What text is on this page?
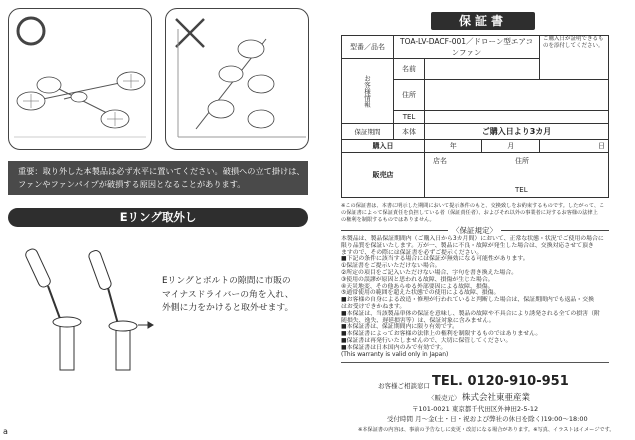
重要：取り外した本製品は必ず水平に置いてください。破損への立て掛けは、
ファンやファンパイプが破損する原因となることがあります。
Eリング取外し
Eリングとボルトの隙間に市販の
マイナスドライバーの角を入れ、
外側に力をかけると取外せます。
a
保証書
型番／品名	TOA-LV-DACF-001／ドローン型エアコンファン			ご購入日が証明できるものを添付してください。
お客様情報	名前			
	住所			
	TEL			
保証期間	本体	ご購入日より3カ月		
購入日		年	月	日
販売店		店名 住所
TEL		
※この保証書は、本書に明示した期間において提示条件のもと、交換致しをお約束するものです。したがって、こ
の保証書によって保証責任を負担している者（保証責任者）、およびそれ以外の事業者に対するお客様の法律上
の権利を制限するものではありません。
〈保証規定〉
本製品は、製品保証期間内（ご購入日から3カ月間）において、正常な状態・状況でご使用の場合に
限り品質を保証いたします。万が一、製品に不良・故障が発生した場合は、交換対応させて頂き
ますので、その際には保証書を必ずご提示ください。
■下記の条件に該当する場合には保証が無効になる可能性があります。
①保証書をご提示いただけない場合。
②所定の項目をご記入いただけない場合、字句を書き換えた場合。
③使用の誤謬が原因と思われる故障、損傷が生じた場合。
④天災地変、その他あらゆる外部要因による故障、損傷。
⑤通常使用の範囲を超えた状態での使用による故障、損傷。
■お客様の自身による改造・修理が行われていると判断した場合は、保証期間内でも返品・交換
はお受けできかねます。
■本保証は、当該製品単体の保証を意味し、製品の故障や不具合により誘発される全ての損害（附
随損失、逸失、遅延損害等）は、保証対象に含みません。
■本保証書は、保証期間内に限り有効です。
■本保証書によってお客様の法律上の権利を制限するものではありません。
■保証書は再発行いたしませんので、大切に保管してください。
■本保証書は日本国内のみで有効です。
(This warranty is valid only in Japan)
お客様ご相談窓口 TEL. 0120-910-951
〈販売元〉 株式会社東亜産業
〒101-0021 東京都千代田区外神田2-5-12
受付時間 月～金(土・日・祝および弊社の休日を除く)19:00～18:00
※本保証書の内容は、事前の予告なしに変更・改訂になる場合があります。※写真、イラストはイメージです。
